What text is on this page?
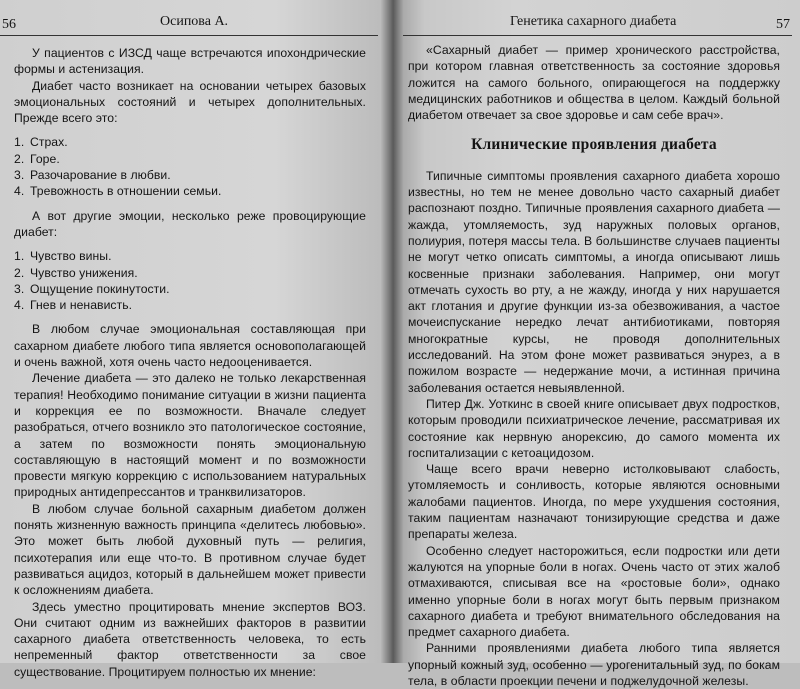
56	Осипова А.

У пациентов с ИЗСД чаще встречаются ипохондрические формы и астенизация.

Диабет часто возникает на основании четырех базовых эмоциональных состояний и четырех дополнительных. Прежде всего это:

1. Страх.
2. Горе.
3. Разочарование в любви.
4. Тревожность в отношении семьи.

А вот другие эмоции, несколько реже провоцирующие диабет:

1. Чувство вины.
2. Чувство унижения.
3. Ощущение покинутости.
4. Гнев и ненависть.

В любом случае эмоциональная составляющая при сахарном диабете любого типа является основополагающей и очень важной, хотя очень часто недооценивается.

Лечение диабета — это далеко не только лекарственная терапия! Необходимо понимание ситуации в жизни пациента и коррекция ее по возможности. Вначале следует разобраться, отчего возникло это патологическое состояние, а затем по возможности понять эмоциональную составляющую в настоящий момент и по возможности провести мягкую коррекцию с использованием натуральных природных антидепрессантов и транквилизаторов.

В любом случае больной сахарным диабетом должен понять жизненную важность принципа «делитесь любовью». Это может быть любой духовный путь — религия, психотерапия или еще что-то. В противном случае будет развиваться ацидоз, который в дальнейшем может привести к осложнениям диабета.

Здесь уместно процитировать мнение экспертов ВОЗ. Они считают одним из важнейших факторов в развитии сахарного диабета ответственность человека, то есть непременный фактор ответственности за свое существование. Процитируем полностью их мнение:

Генетика сахарного диабета	57

«Сахарный диабет — пример хронического расстройства, при котором главная ответственность за состояние здоровья ложится на самого больного, опирающегося на поддержку медицинских работников и общества в целом. Каждый больной диабетом отвечает за свое здоровье и сам себе врач».

Клинические проявления диабета

Типичные симптомы проявления сахарного диабета хорошо известны, но тем не менее довольно часто сахарный диабет распознают поздно. Типичные проявления сахарного диабета — жажда, утомляемость, зуд наружных половых органов, полиурия, потеря массы тела. В большинстве случаев пациенты не могут четко описать симптомы, а иногда описывают лишь косвенные признаки заболевания. Например, они могут отмечать сухость во рту, а не жажду, иногда у них нарушается акт глотания и другие функции из-за обезвоживания, а частое мочеиспускание нередко лечат антибиотиками, повторяя многократные курсы, не проводя дополнительных исследований. На этом фоне может развиваться энурез, а в пожилом возрасте — недержание мочи, а истинная причина заболевания остается невыявленной.

Питер Дж. Уоткинс в своей книге описывает двух подростков, которым проводили психиатрическое лечение, рассматривая их состояние как нервную анорексию, до самого момента их госпитализации с кетоацидозом.

Чаще всего врачи неверно истолковывают слабость, утомляемость и сонливость, которые являются основными жалобами пациентов. Иногда, по мере ухудшения состояния, таким пациентам назначают тонизирующие средства и даже препараты железа.

Особенно следует насторожиться, если подростки или дети жалуются на упорные боли в ногах. Очень часто от этих жалоб отмахиваются, списывая все на «ростовые боли», однако именно упорные боли в ногах могут быть первым признаком сахарного диабета и требуют внимательного обследования на предмет сахарного диабета.

Ранними проявлениями диабета любого типа является упорный кожный зуд, особенно — урогенитальный зуд, по бокам тела, в области проекции печени и поджелудочной железы.
